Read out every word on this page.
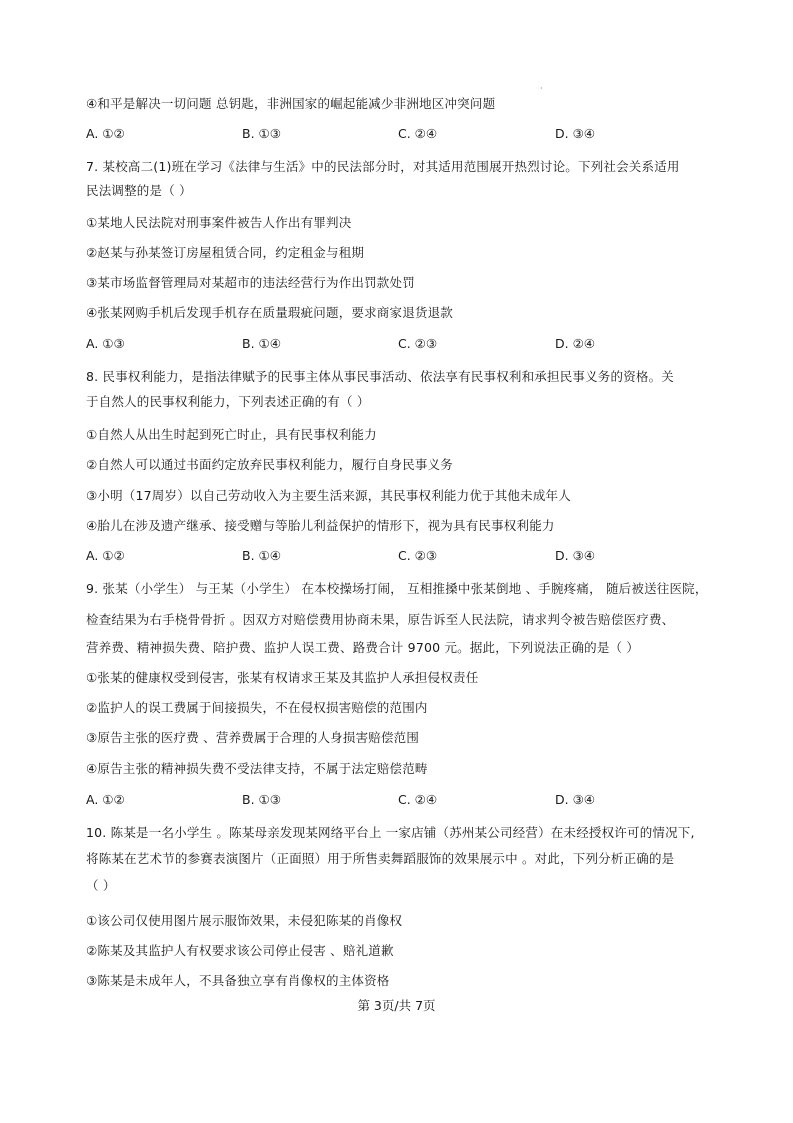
·
④和平是解决一切问题 总钥匙，非洲国家的崛起能减少非洲地区冲突问题
A. ①②	B. ①③	C. ②④	D. ③④
7. 某校高二(1)班在学习《法律与生活》中的民法部分时，对其适用范围展开热烈讨论。下列社会关系适用
民法调整的是（ ）
①某地人民法院对刑事案件被告人作出有罪判决
②赵某与孙某签订房屋租赁合同，约定租金与租期
③某市场监督管理局对某超市的违法经营行为作出罚款处罚
④张某网购手机后发现手机存在质量瑕疵问题，要求商家退货退款
A. ①③	B. ①④	C. ②③	D. ②④
8. 民事权利能力，是指法律赋予的民事主体从事民事活动、依法享有民事权利和承担民事义务的资格。关
于自然人的民事权利能力，下列表述正确的有（ ）
①自然人从出生时起到死亡时止，具有民事权利能力
②自然人可以通过书面约定放弃民事权利能力，履行自身民事义务
③小明（17周岁）以自己劳动收入为主要生活来源，其民事权利能力优于其他未成年人
④胎儿在涉及遗产继承、接受赠与等胎儿利益保护的情形下，视为具有民事权利能力
A. ①②	B. ①④	C. ②③	D. ③④
9. 张某（小学生） 与王某（小学生） 在本校操场打闹， 互相推搡中张某倒地 、手腕疼痛， 随后被送往医院，
检查结果为右手桡骨骨折 。因双方对赔偿费用协商未果，原告诉至人民法院，请求判令被告赔偿医疗费、
营养费、精神损失费、陪护费、监护人误工费、路费合计 9700 元。据此，下列说法正确的是（ ）
①张某的健康权受到侵害，张某有权请求王某及其监护人承担侵权责任
②监护人的误工费属于间接损失，不在侵权损害赔偿的范围内
③原告主张的医疗费 、营养费属于合理的人身损害赔偿范围
④原告主张的精神损失费不受法律支持，不属于法定赔偿范畴
A. ①②	B. ①③	C. ②④	D. ③④
10. 陈某是一名小学生 。陈某母亲发现某网络平台上 一家店铺（苏州某公司经营）在未经授权许可的情况下,
将陈某在艺术节的参赛表演图片（正面照）用于所售卖舞蹈服饰的效果展示中 。对此，下列分析正确的是
（ ）
①该公司仅使用图片展示服饰效果，未侵犯陈某的肖像权
②陈某及其监护人有权要求该公司停止侵害 、赔礼道歉
③陈某是未成年人，不具备独立享有肖像权的主体资格
第 3页/共 7页
